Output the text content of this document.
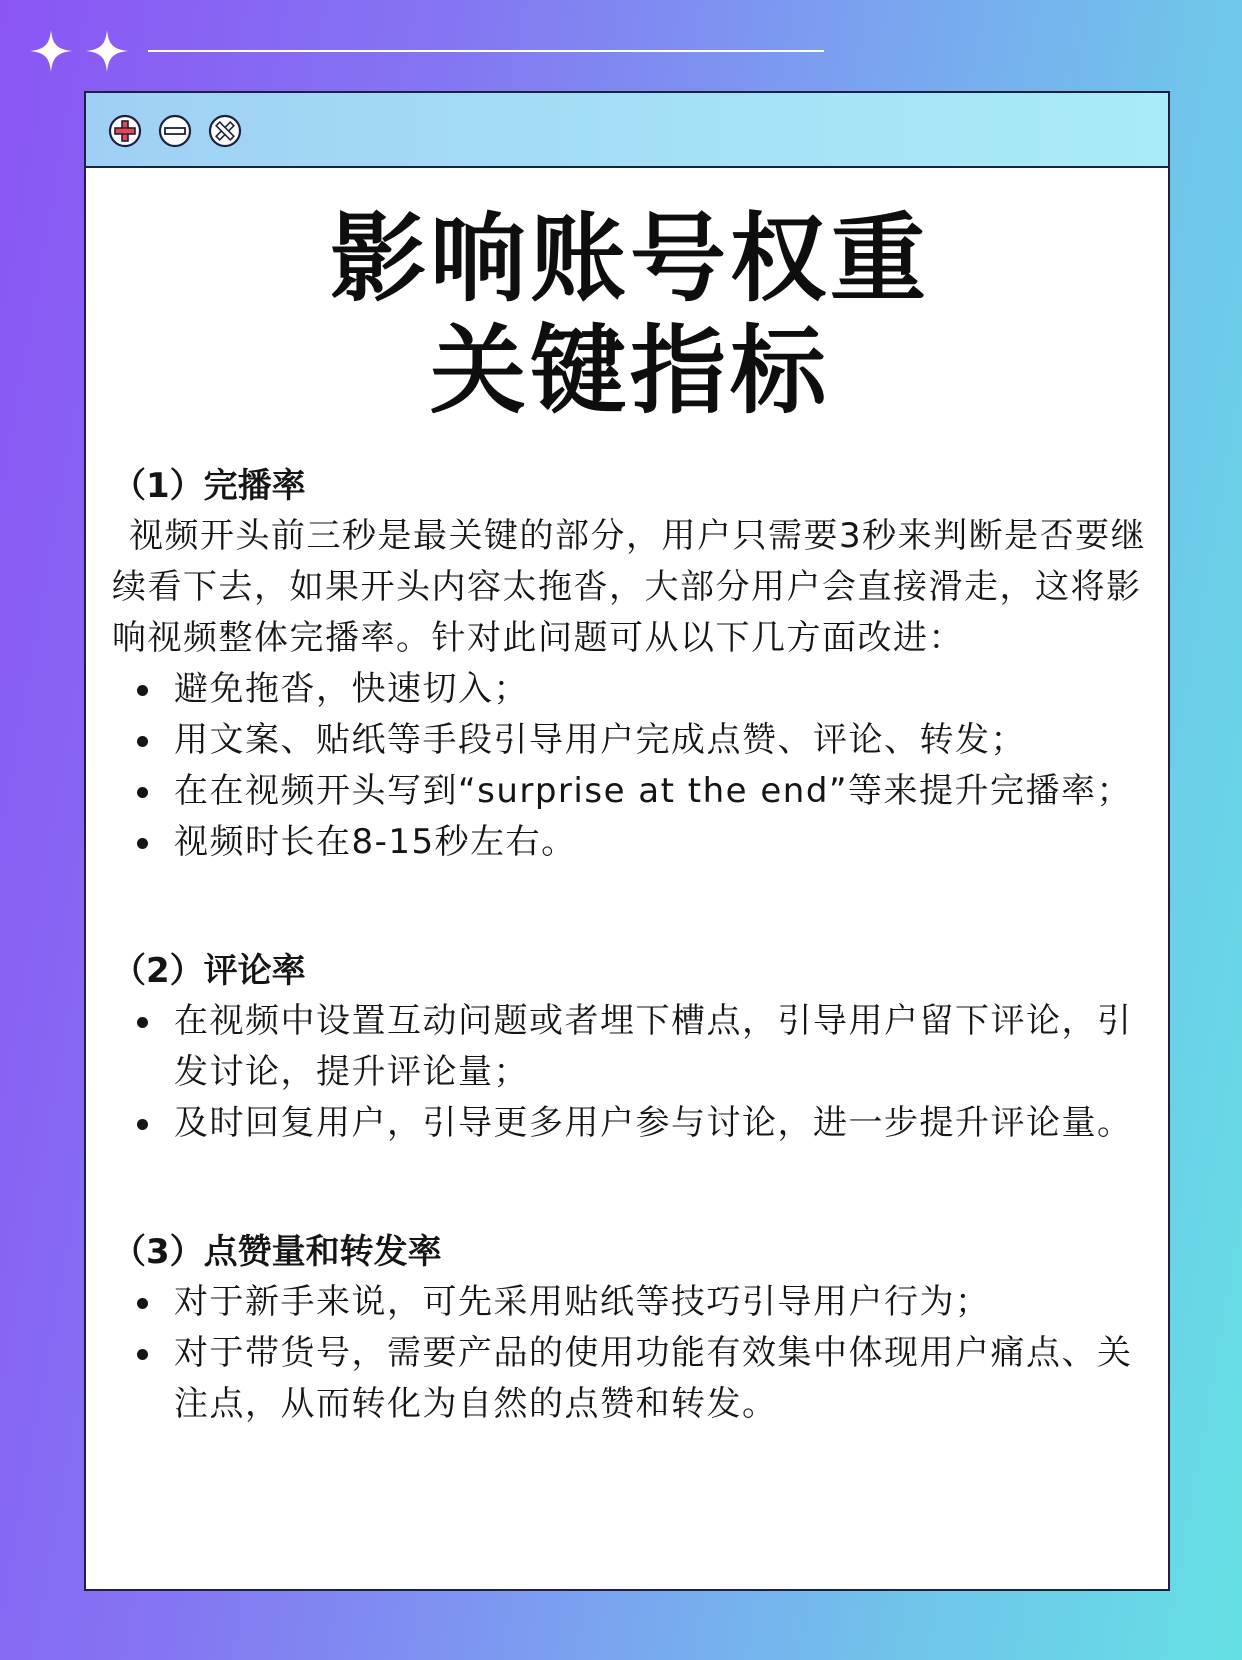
影响账号权重
关键指标

（1）完播率

视频开头前三秒是最关键的部分，用户只需要3秒来判断是否要继续看下去，如果开头内容太拖沓，大部分用户会直接滑走，这将影响视频整体完播率。针对此问题可从以下几方面改进：

避免拖沓，快速切入；
用文案、贴纸等手段引导用户完成点赞、评论、转发；
在在视频开头写到“surprise at the end”等来提升完播率；
视频时长在8-15秒左右。

（2）评论率

在视频中设置互动问题或者埋下槽点，引导用户留下评论，引发讨论，提升评论量；
及时回复用户，引导更多用户参与讨论，进一步提升评论量。

（3）点赞量和转发率

对于新手来说，可先采用贴纸等技巧引导用户行为；
对于带货号，需要产品的使用功能有效集中体现用户痛点、关注点，从而转化为自然的点赞和转发。
